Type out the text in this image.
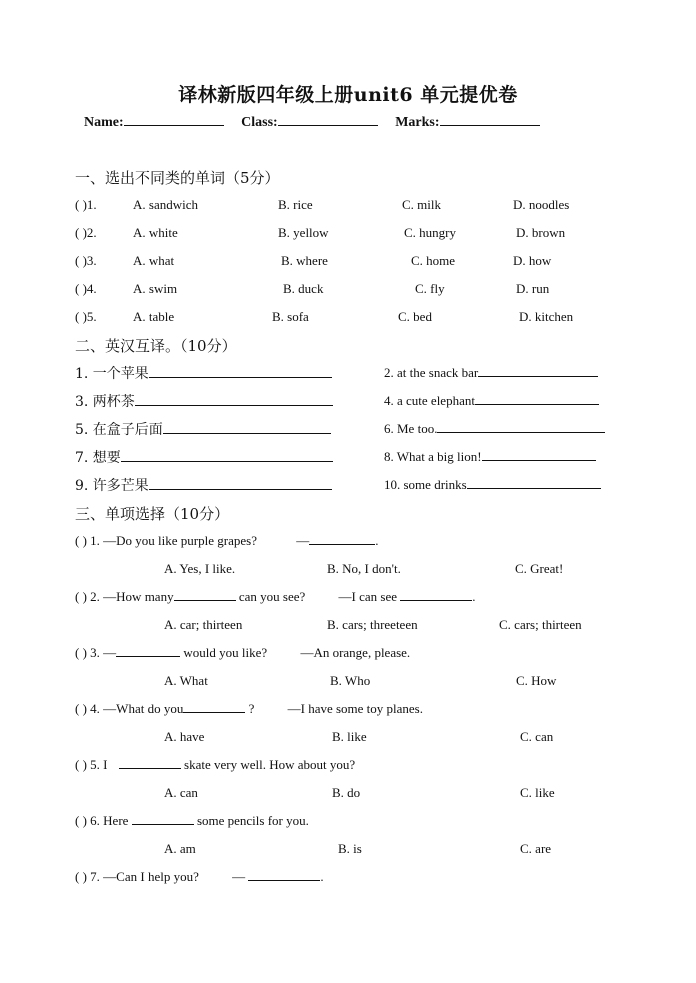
译林新版四年级上册unit6 单元提优卷
Name:	Class:	Marks:
一、选出不同类的单词（5分）
( )1.	A. sandwich	B. rice	C. milk	D. noodles
( )2.	A. white	B. yellow	C. hungry	D. brown
( )3.	A. what	B. where	C. home	D. how
( )4.	A. swim	B. duck	C. fly	D. run
( )5.	A. table	B. sofa	C. bed	D. kitchen
二、英汉互译。（10分）
1. 一个苹果	2. at the snack bar
3. 两杯茶	4. a cute elephant
5. 在盒子后面	6. Me too.
7. 想要	8. What a big lion!
9. 许多芒果	10. some drinks
三、单项选择（10分）
( ) 1. —Do you like purple grapes?	—	.
A. Yes, I like.	B. No, I don't.	C. Great!
( ) 2. —How many	can you see?	—I can see	.
A. car; thirteen	B. cars; threeteen	C. cars; thirteen
( ) 3. —	would you like?	—An orange, please.
A. What	B. Who	C. How
( ) 4. —What do you	?	—I have some toy planes.
A. have	B. like	C. can
( ) 5. I	skate very well. How about you?
A. can	B. do	C. like
( ) 6. Here	some pencils for you.
A. am	B. is	C. are
( ) 7. —Can I help you?	—	.
